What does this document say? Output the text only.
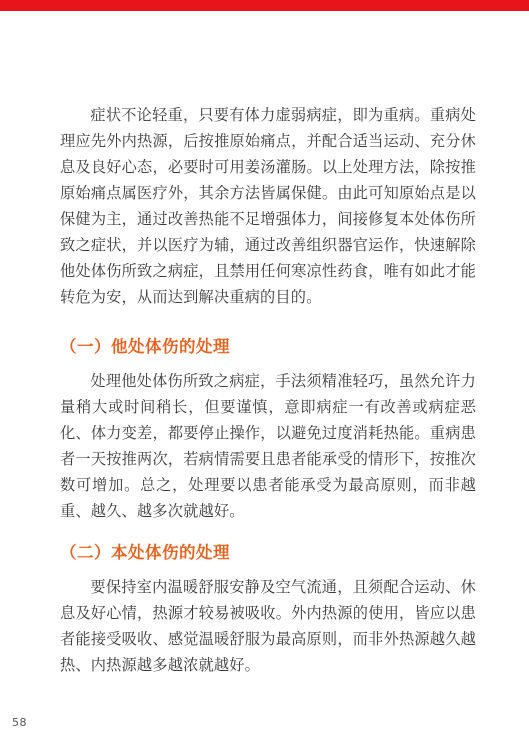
症状不论轻重，只要有体力虚弱病症，即为重病。重病处理应先外内热源，后按推原始痛点，并配合适当运动、充分休息及良好心态，必要时可用姜汤灌肠。以上处理方法，除按推原始痛点属医疗外，其余方法皆属保健。由此可知原始点是以保健为主，通过改善热能不足增强体力，间接修复本处体伤所致之症状，并以医疗为辅，通过改善组织器官运作，快速解除他处体伤所致之病症，且禁用任何寒凉性药食，唯有如此才能转危为安，从而达到解决重病的目的。

（一）他处体伤的处理

处理他处体伤所致之病症，手法须精准轻巧，虽然允许力量稍大或时间稍长，但要谨慎，意即病症一有改善或病症恶化、体力变差，都要停止操作，以避免过度消耗热能。重病患者一天按推两次，若病情需要且患者能承受的情形下，按推次数可增加。总之，处理要以患者能承受为最高原则，而非越重、越久、越多次就越好。

（二）本处体伤的处理

要保持室内温暖舒服安静及空气流通，且须配合运动、休息及好心情，热源才较易被吸收。外内热源的使用，皆应以患者能接受吸收、感觉温暖舒服为最高原则，而非外热源越久越热、内热源越多越浓就越好。

58
